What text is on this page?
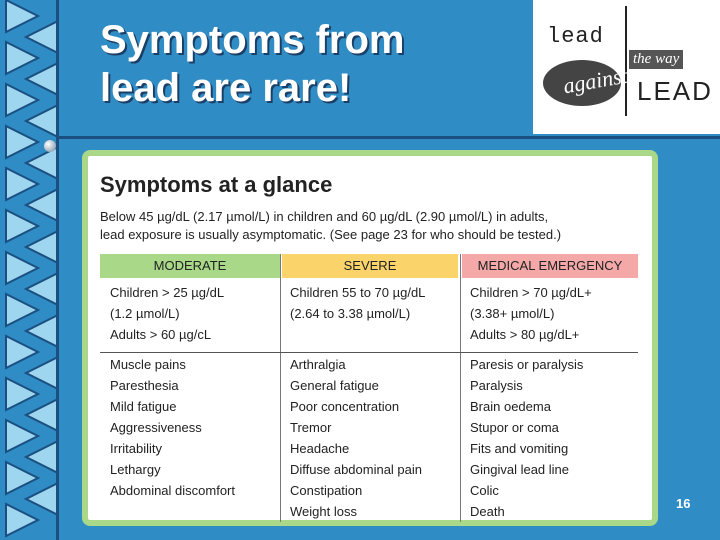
Symptoms from
lead are rare!
lead
against
the way
LEAD
Symptoms at a glance
Below 45 µg/dL (2.17 µmol/L) in children and 60 µg/dL (2.90 µmol/L) in adults,
lead exposure is usually asymptomatic. (See page 23 for who should be tested.)
MODERATE	SEVERE	MEDICAL EMERGENCY
Children > 25 µg/dL
(1.2 µmol/L)
Adults > 60 µg/cL
Children 55 to 70 µg/dL
(2.64 to 3.38 µmol/L)
Children > 70 µg/dL+
(3.38+ µmol/L)
Adults > 80 µg/dL+
Muscle pains
Paresthesia
Mild fatigue
Aggressiveness
Irritability
Lethargy
Abdominal discomfort
Arthralgia
General fatigue
Poor concentration
Tremor
Headache
Diffuse abdominal pain
Constipation
Weight loss
Paresis or paralysis
Paralysis
Brain oedema
Stupor or coma
Fits and vomiting
Gingival lead line
Colic
Death
16
